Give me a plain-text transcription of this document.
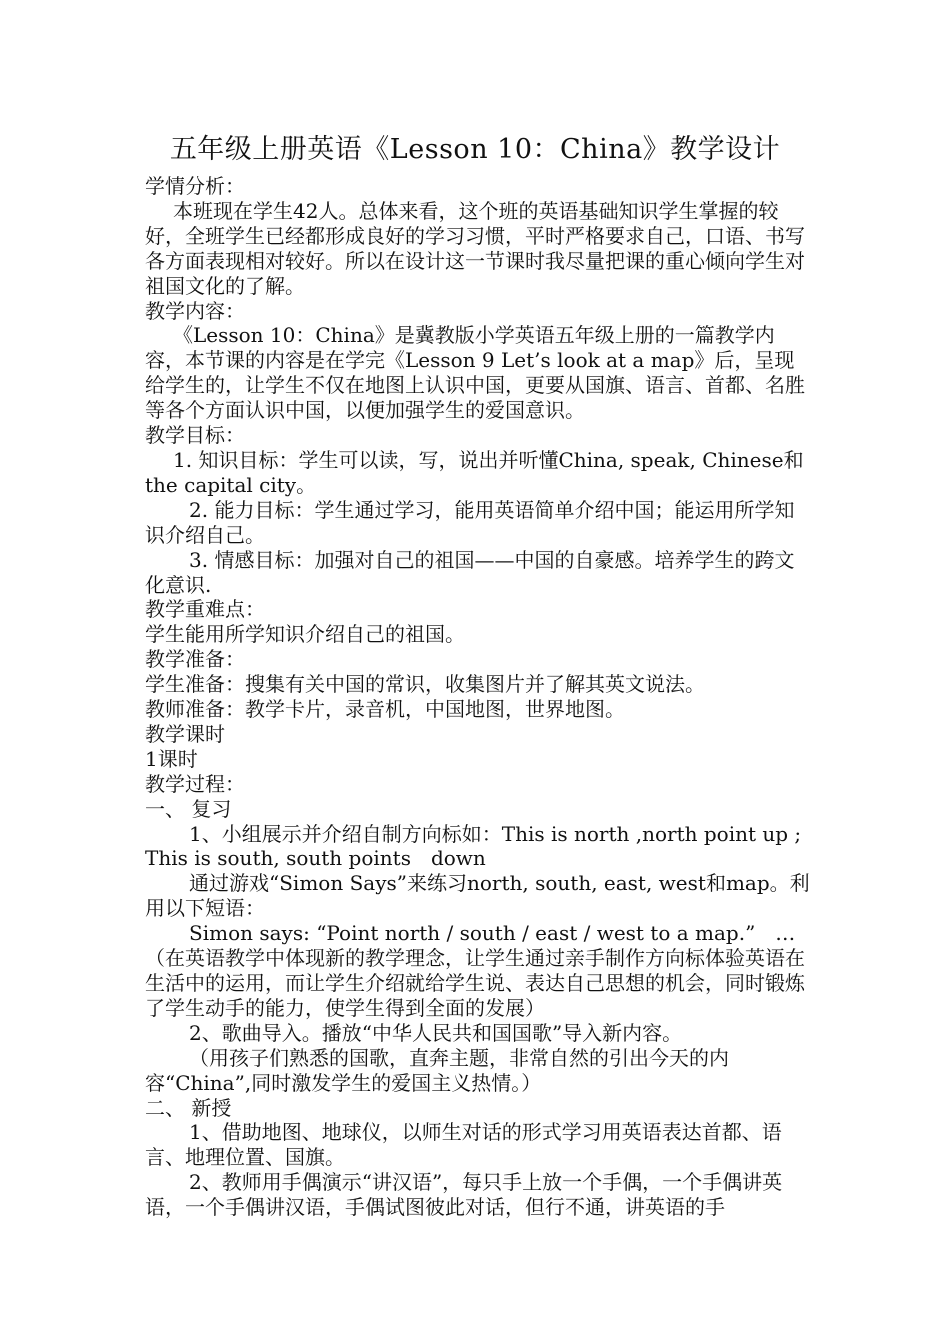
五年级上册英语《Lesson 10：China》教学设计

学情分析：

本班现在学生42人。总体来看，这个班的英语基础知识学生掌握的较好，全班学生已经都形成良好的学习习惯，平时严格要求自己，口语、书写各方面表现相对较好。所以在设计这一节课时我尽量把课的重心倾向学生对祖国文化的了解。

教学内容：

《Lesson 10：China》是冀教版小学英语五年级上册的一篇教学内容，本节课的内容是在学完《Lesson 9 Let’s look at a map》后，呈现给学生的，让学生不仅在地图上认识中国，更要从国旗、语言、首都、名胜等各个方面认识中国，以便加强学生的爱国意识。

教学目标：

1. 知识目标：学生可以读，写，说出并听懂China, speak, Chinese和the capital city。

2. 能力目标：学生通过学习，能用英语简单介绍中国；能运用所学知识介绍自己。

3. 情感目标：加强对自己的祖国——中国的自豪感。培养学生的跨文化意识.

教学重难点：

学生能用所学知识介绍自己的祖国。

教学准备：

学生准备：搜集有关中国的常识，收集图片并了解其英文说法。

教师准备：教学卡片，录音机，中国地图，世界地图。

教学课时

1课时

教学过程：

一、 复习

1、小组展示并介绍自制方向标如：This is north ,north point up ; This is south, south points　down

通过游戏“Simon Says”来练习north, south, east, west和map。利用以下短语：

Simon says: “Point north / south / east / west to a map.”　…（在英语教学中体现新的教学理念，让学生通过亲手制作方向标体验英语在生活中的运用，而让学生介绍就给学生说、表达自己思想的机会，同时锻炼了学生动手的能力，使学生得到全面的发展）

2、歌曲导入。播放“中华人民共和国国歌”导入新内容。

（用孩子们熟悉的国歌，直奔主题，非常自然的引出今天的内容“China”,同时激发学生的爱国主义热情。）

二、 新授

1、借助地图、地球仪，以师生对话的形式学习用英语表达首都、语言、地理位置、国旗。

2、教师用手偶演示“讲汉语”，每只手上放一个手偶，一个手偶讲英语，一个手偶讲汉语，手偶试图彼此对话，但行不通，讲英语的手
